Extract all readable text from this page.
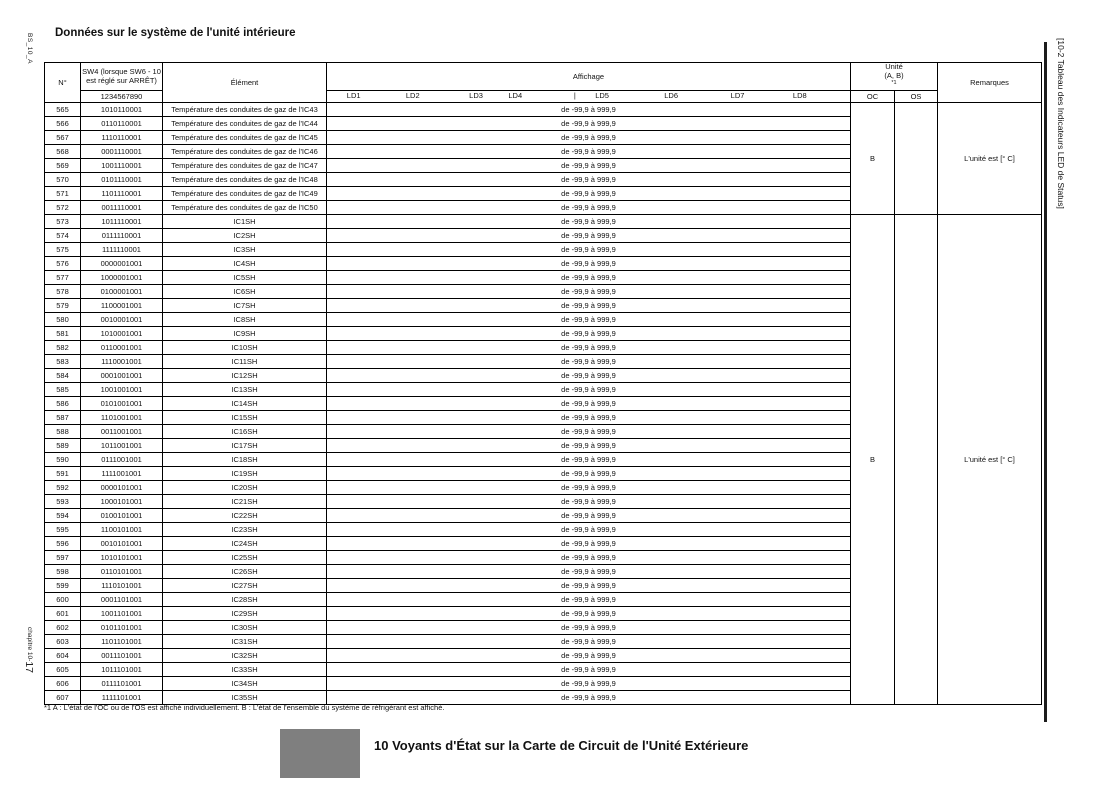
BS_10_A Données sur le système de l'unité intérieure
N°	SW4 (lorsque SW6 - 10
est réglé sur ARRÊT)	Élément	Affichage	Unité
(A, B)
$^{*1}$		Remarques
1234567890	LD1	LD2	LD3	LD4	|	LD5	LD6	LD7	LD8	OC	OS
565	1010110001	Température des conduites de gaz de l'IC43	de -99,9 à 999,9	B		L'unité est [° C]
566	0110110001	Température des conduites de gaz de l'IC44	de -99,9 à 999,9			
567	1110110001	Température des conduites de gaz de l'IC45	de -99,9 à 999,9			
568	0001110001	Température des conduites de gaz de l'IC46	de -99,9 à 999,9			
569	1001110001	Température des conduites de gaz de l'IC47	de -99,9 à 999,9			
570	0101110001	Température des conduites de gaz de l'IC48	de -99,9 à 999,9			
571	1101110001	Température des conduites de gaz de l'IC49	de -99,9 à 999,9			
572	0011110001	Température des conduites de gaz de l'IC50	de -99,9 à 999,9			
573	1011110001	IC1SH	de -99,9 à 999,9	B		L'unité est [° C]
574	0111110001	IC2SH	de -99,9 à 999,9			
575	1111110001	IC3SH	de -99,9 à 999,9			
576	0000001001	IC4SH	de -99,9 à 999,9			
577	1000001001	IC5SH	de -99,9 à 999,9			
578	0100001001	IC6SH	de -99,9 à 999,9			
579	1100001001	IC7SH	de -99,9 à 999,9			
580	0010001001	IC8SH	de -99,9 à 999,9			
581	1010001001	IC9SH	de -99,9 à 999,9			
582	0110001001	IC10SH	de -99,9 à 999,9			
583	1110001001	IC11SH	de -99,9 à 999,9			
584	0001001001	IC12SH	de -99,9 à 999,9			
585	1001001001	IC13SH	de -99,9 à 999,9			
586	0101001001	IC14SH	de -99,9 à 999,9			
587	1101001001	IC15SH	de -99,9 à 999,9			
588	0011001001	IC16SH	de -99,9 à 999,9			
589	1011001001	IC17SH	de -99,9 à 999,9			
590	0111001001	IC18SH	de -99,9 à 999,9			
591	1111001001	IC19SH	de -99,9 à 999,9			
592	0000101001	IC20SH	de -99,9 à 999,9			
593	1000101001	IC21SH	de -99,9 à 999,9			
594	0100101001	IC22SH	de -99,9 à 999,9			
595	1100101001	IC23SH	de -99,9 à 999,9			
596	0010101001	IC24SH	de -99,9 à 999,9			
597	1010101001	IC25SH	de -99,9 à 999,9			
598	0110101001	IC26SH	de -99,9 à 999,9			
599	1110101001	IC27SH	de -99,9 à 999,9			
600	0001101001	IC28SH	de -99,9 à 999,9			
601	1001101001	IC29SH	de -99,9 à 999,9			
602	0101101001	IC30SH	de -99,9 à 999,9			
603	1101101001	IC31SH	de -99,9 à 999,9			
604	0011101001	IC32SH	de -99,9 à 999,9			
605	1011101001	IC33SH	de -99,9 à 999,9			
606	0111101001	IC34SH	de -99,9 à 999,9			
607	1111101001	IC35SH	de -99,9 à 999,9			
*1 A : L'état de l'OC ou de l'OS est affiché individuellement. B : L'état de l'ensemble du système de réfrigérant est affiché.
[10-2 Tableau des Indicateurs LED de Status]
chapitre 10-17
10 Voyants d'État sur la Carte de Circuit de l'Unité Extérieure
